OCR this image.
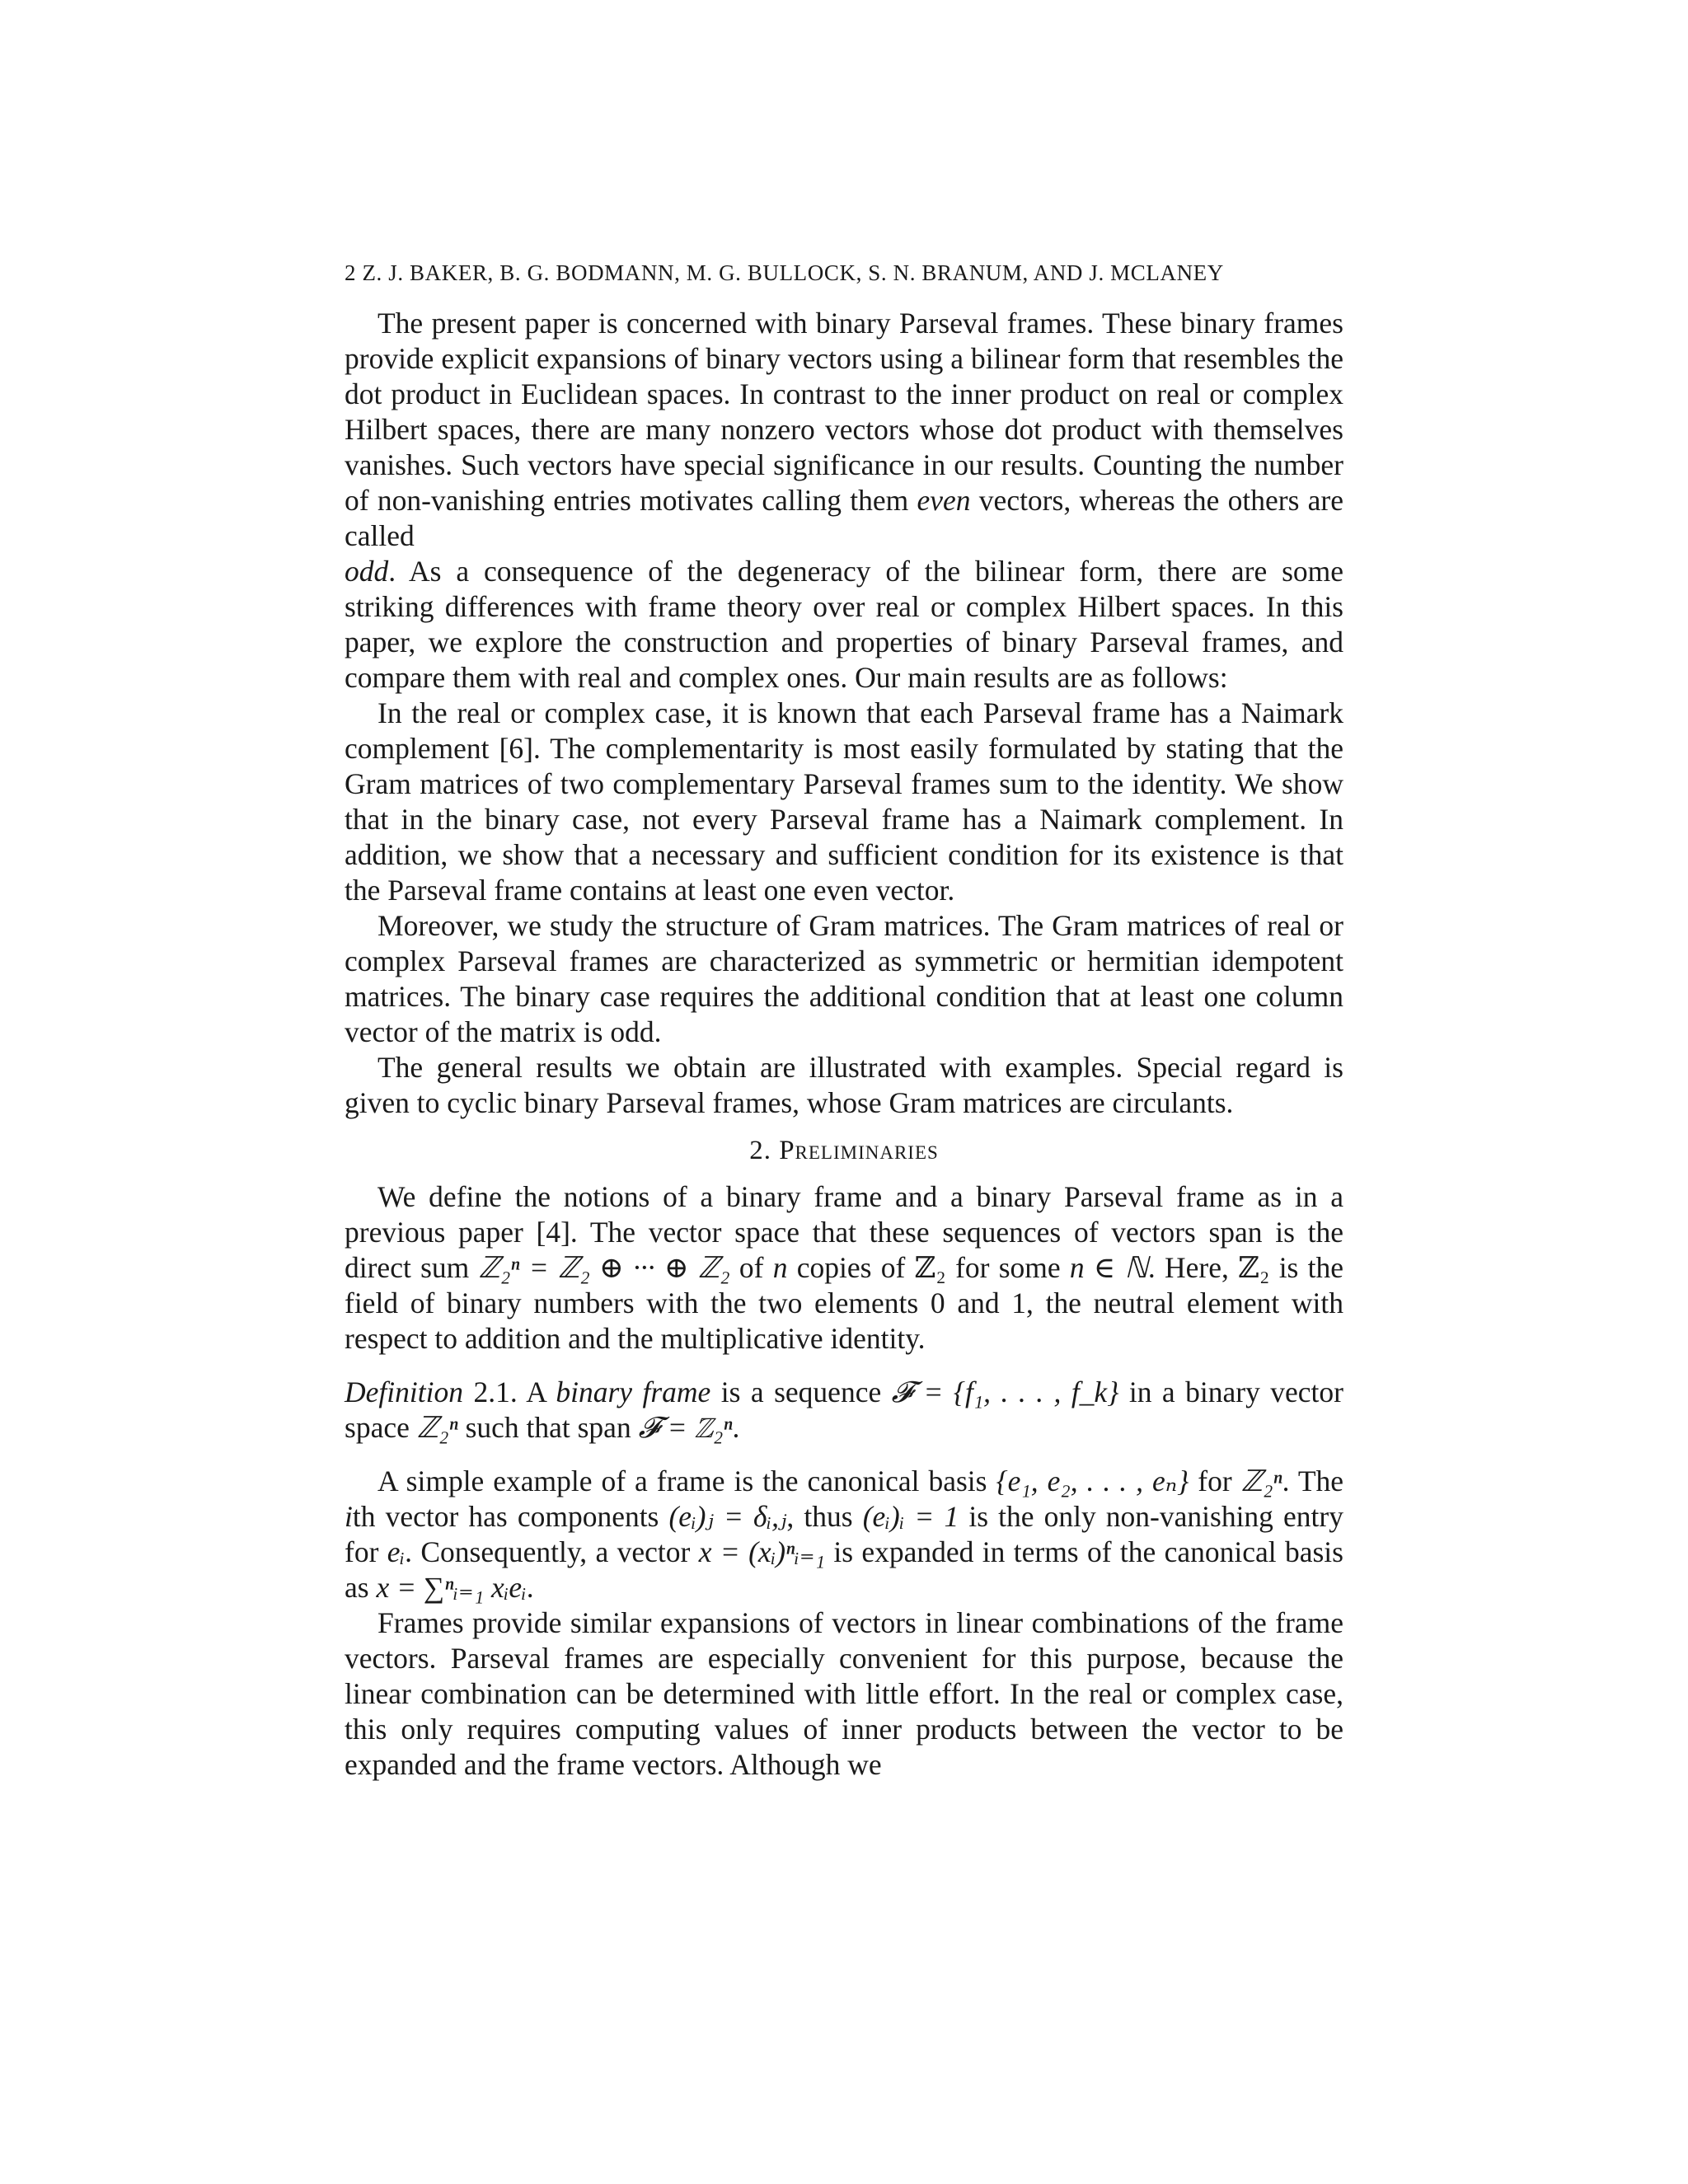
2 Z. J. BAKER, B. G. BODMANN, M. G. BULLOCK, S. N. BRANUM, AND J. MCLANEY

The present paper is concerned with binary Parseval frames. These binary frames provide explicit expansions of binary vectors using a bilinear form that resembles the dot product in Euclidean spaces. In contrast to the inner product on real or complex Hilbert spaces, there are many nonzero vectors whose dot product with themselves vanishes. Such vectors have special significance in our results. Counting the number of non-vanishing entries motivates calling them even vectors, whereas the others are called
odd. As a consequence of the degeneracy of the bilinear form, there are some striking differences with frame theory over real or complex Hilbert spaces. In this paper, we explore the construction and properties of binary Parseval frames, and compare them with real and complex ones. Our main results are as follows:

In the real or complex case, it is known that each Parseval frame has a Naimark complement [6]. The complementarity is most easily formulated by stating that the Gram matrices of two complementary Parseval frames sum to the identity. We show that in the binary case, not every Parseval frame has a Naimark complement. In addition, we show that a necessary and sufficient condition for its existence is that the Parseval frame contains at least one even vector.

Moreover, we study the structure of Gram matrices. The Gram matrices of real or complex Parseval frames are characterized as symmetric or hermitian idempotent matrices. The binary case requires the additional condition that at least one column vector of the matrix is odd.

The general results we obtain are illustrated with examples. Special regard is given to cyclic binary Parseval frames, whose Gram matrices are circulants.

2. Preliminaries

We define the notions of a binary frame and a binary Parseval frame as in a previous paper [4]. The vector space that these sequences of vectors span is the direct sum ℤ₂ⁿ = ℤ₂ ⊕ ··· ⊕ ℤ₂ of n copies of ℤ₂ for some n ∈ ℕ. Here, ℤ₂ is the field of binary numbers with the two elements 0 and 1, the neutral element with respect to addition and the multiplicative identity.

Definition 2.1. A binary frame is a sequence 𝓕 = {f₁, . . . , f_k} in a binary vector space ℤ₂ⁿ such that span 𝓕 = ℤ₂ⁿ.

A simple example of a frame is the canonical basis {e₁, e₂, . . . , eₙ} for ℤ₂ⁿ. The ith vector has components (eᵢ)ⱼ = δᵢ,ⱼ, thus (eᵢ)ᵢ = 1 is the only non-vanishing entry for eᵢ. Consequently, a vector x = (xᵢ)ⁿᵢ₌₁ is expanded in terms of the canonical basis as x = ∑ⁿᵢ₌₁ xᵢeᵢ.

Frames provide similar expansions of vectors in linear combinations of the frame vectors. Parseval frames are especially convenient for this purpose, because the linear combination can be determined with little effort. In the real or complex case, this only requires computing values of inner products between the vector to be expanded and the frame vectors. Although we
